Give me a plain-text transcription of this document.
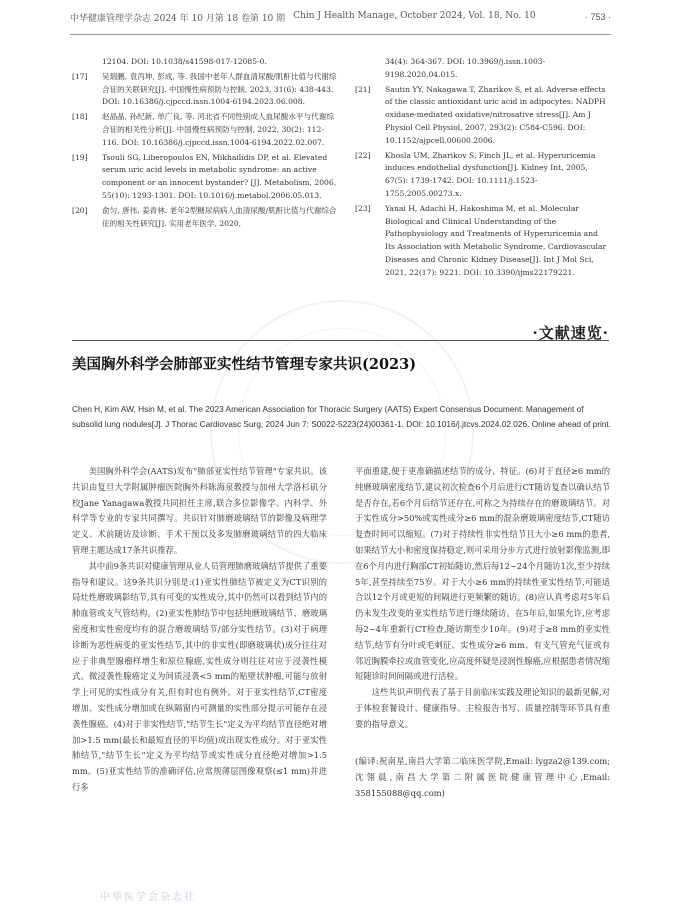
中华健康管理学杂志 2024 年 10 月第 18 卷第 10 期 Chin J Health Manage, October 2024, Vol. 18, No. 10	· 753 ·
12104. DOI: 10.1038/s41598-017-12085-0.
[17]	吴瑞鹏, 袁丙坤, 彭成, 等. 我国中老年人群血清尿酸/肌酐比值与代谢综合征的关联研究[J]. 中国慢性病预防与控制, 2023, 31(6): 438-443. DOI: 10.16386/j.cjpccd.issn.1004-6194.2023.06.008.
[18]	赵晶晶, 孙纪新, 单广良, 等. 河北省不同性别成人血尿酸水平与代谢综合征的相关性分析[J]. 中国慢性病预防与控制, 2022, 30(2): 112-116. DOI: 10.16386/j.cjpccd.issn.1004-6194.2022.02.007.
[19]	Tsouli SG, Liberopoulos EN, Mikhailidis DP, et al. Elevated serum uric acid levels in metabolic syndrome: an active component or an innocent bystander? [J]. Metabolism, 2006, 55(10): 1293-1301. DOI: 10.1016/j.metabol.2006.05.013.
[20]	俞匀, 唐伟, 姜青林. 老年2型糖尿病病人血清尿酸/肌酐比值与代谢综合征的相关性研究[J]. 实用老年医学, 2020,
34(4): 364-367. DOI: 10.3969/j.issn.1003-9198.2020.04.015.
[21]	Sautin YY, Nakagawa T, Zharikov S, et al. Adverse effects of the classic antioxidant uric acid in adipocytes: NADPH oxidase-mediated oxidative/nitrosative stress[J]. Am J Physiol Cell Physiol, 2007, 293(2): C584-C596. DOI: 10.1152/ajpcell.00600.2006.
[22]	Khosla UM, Zharikov S, Finch JL, et al. Hyperuricemia induces endothelial dysfunction[J]. Kidney Int, 2005, 67(5): 1739-1742. DOI: 10.1111/j.1523-1755.2005.00273.x.
[23]	Yanai H, Adachi H, Hakoshima M, et al. Molecular Biological and Clinical Understanding of the Pathophysiology and Treatments of Hyperuricemia and Its Association with Metabolic Syndrome, Cardiovascular Diseases and Chronic Kidney Disease[J]. Int J Mol Sci, 2021, 22(17): 9221. DOI: 10.3390/ijms22179221.
·文献速览·
美国胸外科学会肺部亚实性结节管理专家共识(2023)
Chen H, Kim AW, Hsin M, et al. The 2023 American Association for Thoracic Surgery (AATS) Expert Consensus Document: Management of subsolid lung nodules[J]. J Thorac Cardiovasc Surg, 2024 Jun 7: S0022-5223(24)00361-1. DOI: 10.1016/j.jtcvs.2024.02.026. Online ahead of print.

美国胸外科学会(AATS)发布"肺部亚实性结节管理"专家共识。该共识由复旦大学附属肿瘤医院胸外科陈海泉教授与加州大学洛杉矶分校Jane Yanagawa教授共同担任主席,联合多位影像学、内科学、外科学等专业的专家共同撰写。共识针对肺磨玻璃结节的影像及病理学定义、术前随访及诊断、手术干预以及多发肺磨玻璃结节的四大临床管理主题达成17条共识推荐。

其中前9条共识对健康管理从业人员管理肺磨玻璃结节提供了重要指导和建议。这9条共识分别是:(1)亚实性肺结节被定义为CT识别的局灶性磨玻璃影结节,具有可变的实性成分,其中仍然可以看到结节内的肺血管或支气管结构。(2)亚实性肺结节中包括纯磨玻璃结节、磨玻璃密度和实性密度均有的混合磨玻璃结节/部分实性结节。(3)对于病理诊断为恶性病变的亚实性结节,其中的非实性(即磨玻璃状)成分往往对应于非典型腺瘤样增生和原位腺癌,实性成分则往往对应于浸袭性模式。微浸袭性腺癌定义为间质浸袭<5 mm的贴壁状肿瘤,可能与放射学上可见的实性成分有关,但有时也有例外。对于亚实性结节,CT密度增加、实性成分增加或在纵隔窗内可测量的实性部分提示可能存在浸袭性腺癌。(4)对于非实性结节,"结节生长"定义为平均结节直径绝对增加>1.5 mm(最长和最短直径的平均值)或出现实性成分。对于亚实性肺结节,"结节生长"定义为平均结节或实性成分直径绝对增加>1.5 mm。(5)亚实性结节的准确评估,应常规薄层图像观察(≤1 mm)并进行多

平面重建,便于更准确描述结节的成分、特征。(6)对于直径≥6 mm的纯磨玻璃密度结节,建议初次检查6个月后进行CT随访复查以确认结节是否存在,若6个月后结节还存在,可称之为持续存在的磨玻璃结节。对于实性成分>50%或实性成分≥6 mm的混杂磨玻璃密度结节,CT随访复查时间可以缩短。(7)对于持续性非实性结节且大小≥6 mm的患者,如果结节大小和密度保持稳定,则可采用分步方式进行放射影像监测,即在6个月内进行胸部CT初始随访,然后每12~24个月随访1次,至少持续5年,甚至持续至75岁。对于大小≥6 mm的持续性亚实性结节,可能适合以12个月或更短的间隔进行更频繁的随访。(8)应认真考虑对5年后仍未发生改变的亚实性结节进行继续随访。在5年后,如果允许,应考虑每2~4年重新行CT检查,随访期至少10年。(9)对于≥8 mm的亚实性结节,结节有分叶或毛刺征、实性成分≥6 mm、有支气管充气征或有邻近胸膜牵拉或血管变化,应高度怀疑是浸润性腺癌,应根据患者情况缩短随诊时间间隔或进行活检。

这些共识声明代表了基于目前临床实践及理论知识的最新见解,对于体检套餐设计、健康指导、主检报告书写、质量控制等环节具有重要的指导意义。

(编译:祝南星,南昌大学第二临床医学院,Email: lygza2@139.com;沈翎晨,南昌大学第二附属医院健康管理中心,Email: 358155088@qq.com)
中华医学会杂志社
